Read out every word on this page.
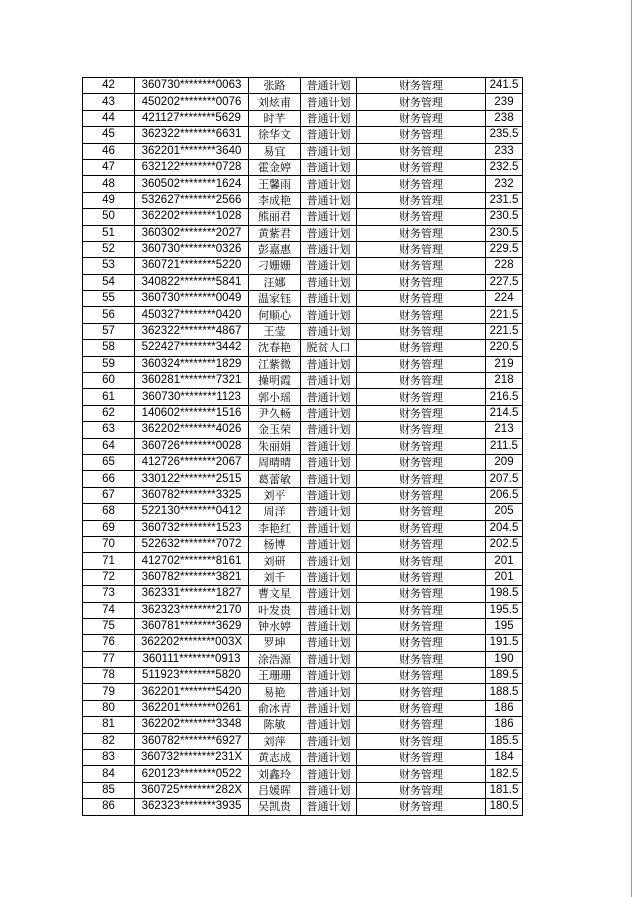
42	360730********0063	张路	普通计划	财务管理	241.5
43	450202********0076	刘炫甫	普通计划	财务管理	239
44	421127********5629	时芊	普通计划	财务管理	238
45	362322********6631	徐华文	普通计划	财务管理	235.5
46	362201********3640	易宜	普通计划	财务管理	233
47	632122********0728	霍金婷	普通计划	财务管理	232.5
48	360502********1624	王馨雨	普通计划	财务管理	232
49	532627********2566	李成艳	普通计划	财务管理	231.5
50	362202********1028	熊丽君	普通计划	财务管理	230.5
51	360302********2027	黄紫君	普通计划	财务管理	230.5
52	360730********0326	彭嘉惠	普通计划	财务管理	229.5
53	360721********5220	刁姗姗	普通计划	财务管理	228
54	340822********5841	汪娜	普通计划	财务管理	227.5
55	360730********0049	温家钰	普通计划	财务管理	224
56	450327********0420	何顺心	普通计划	财务管理	221.5
57	362322********4867	王莹	普通计划	财务管理	221.5
58	522427********3442	沈春艳	脱贫人口	财务管理	220.5
59	360324********1829	江紫微	普通计划	财务管理	219
60	360281********7321	操明霞	普通计划	财务管理	218
61	360730********1123	郭小瑶	普通计划	财务管理	216.5
62	140602********1516	尹久畅	普通计划	财务管理	214.5
63	362202********4026	金玉荣	普通计划	财务管理	213
64	360726********0028	朱丽娟	普通计划	财务管理	211.5
65	412726********2067	周晴晴	普通计划	财务管理	209
66	330122********2515	葛蕾敏	普通计划	财务管理	207.5
67	360782********3325	刘平	普通计划	财务管理	206.5
68	522130********0412	周洋	普通计划	财务管理	205
69	360732********1523	李艳红	普通计划	财务管理	204.5
70	522632********7072	杨博	普通计划	财务管理	202.5
71	412702********8161	刘研	普通计划	财务管理	201
72	360782********3821	刘千	普通计划	财务管理	201
73	362331********1827	曹文星	普通计划	财务管理	198.5
74	362323********2170	叶发贵	普通计划	财务管理	195.5
75	360781********3629	钟水婷	普通计划	财务管理	195
76	362202********003X	罗坤	普通计划	财务管理	191.5
77	360111********0913	涂浩源	普通计划	财务管理	190
78	511923********5820	王珊珊	普通计划	财务管理	189.5
79	362201********5420	易艳	普通计划	财务管理	188.5
80	362201********0261	俞冰青	普通计划	财务管理	186
81	362202********3348	陈敏	普通计划	财务管理	186
82	360782********6927	刘萍	普通计划	财务管理	185.5
83	360732********231X	黄志成	普通计划	财务管理	184
84	620123********0522	刘鑫玲	普通计划	财务管理	182.5
85	360725********282X	吕媛晖	普通计划	财务管理	181.5
86	362323********3935	吴凯贵	普通计划	财务管理	180.5
